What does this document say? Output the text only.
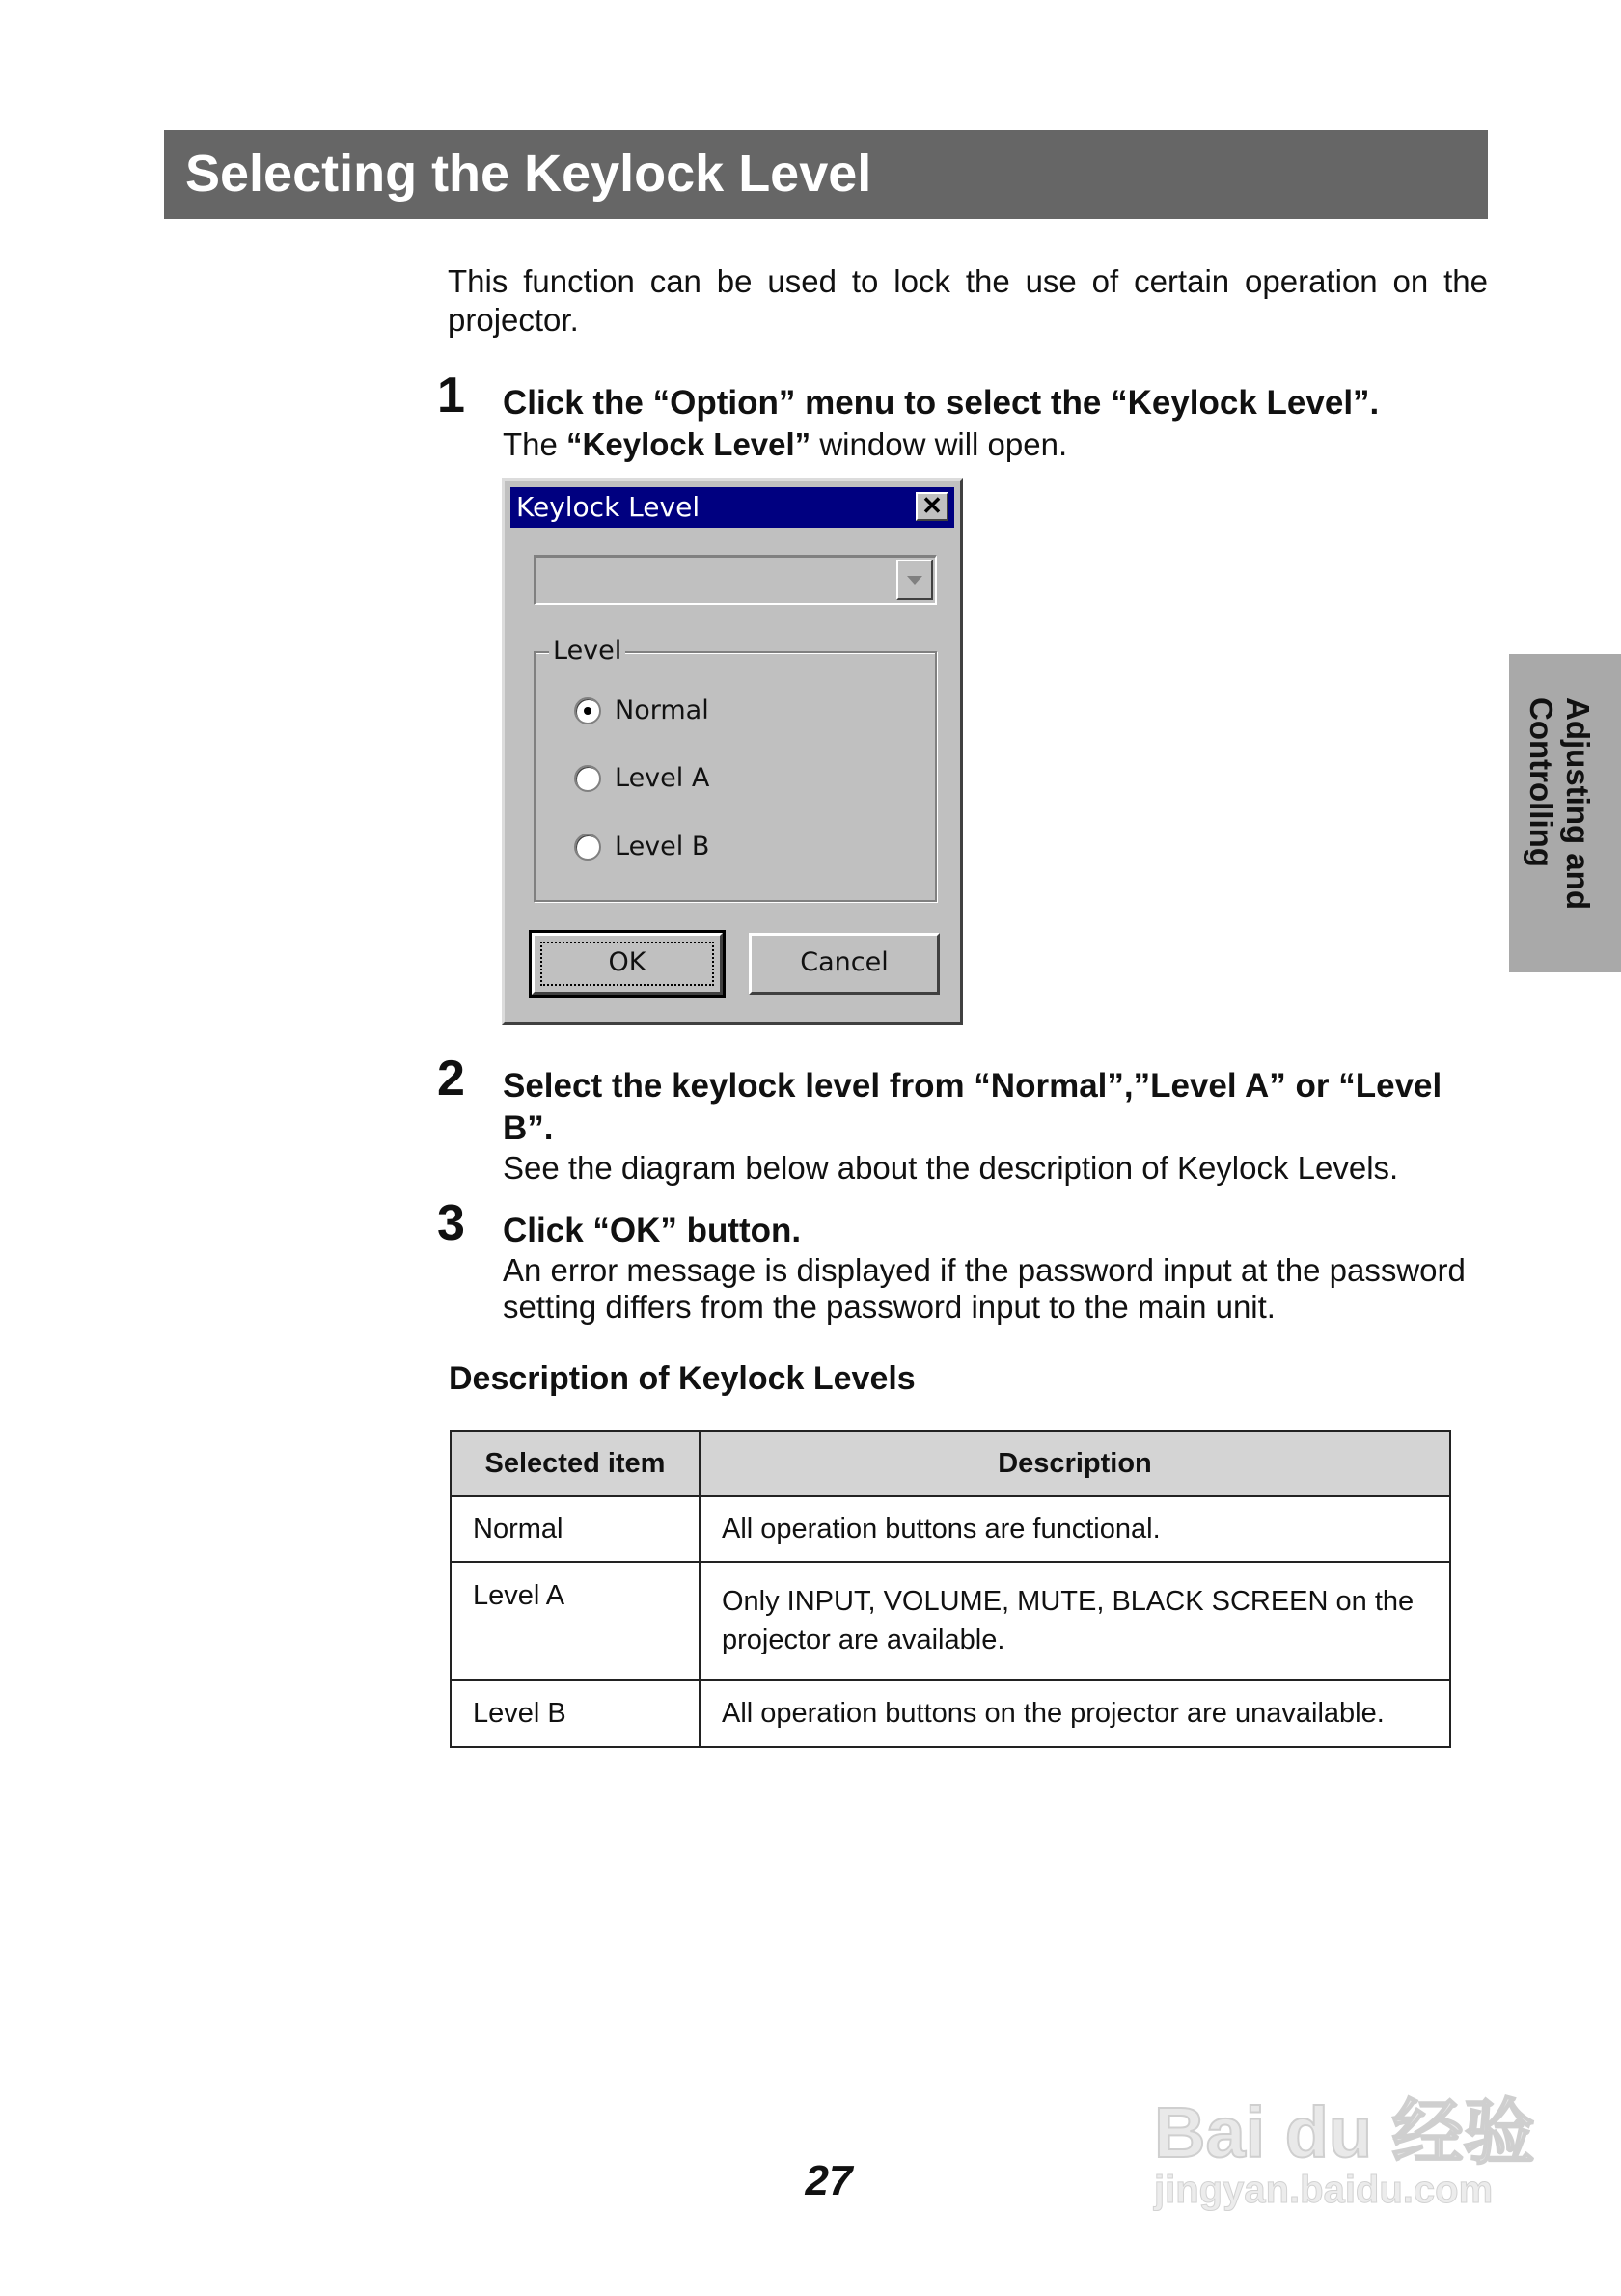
Selecting the Keylock Level
Adjusting and
Controlling
This function can be used to lock the use of certain operation on the projector.
1 Click the “Option” menu to select the “Keylock Level”.
The “Keylock Level” window will open.
Keylock Level	✕
Level
Normal
Level A
Level B
OK	Cancel
2 Select the keylock level from “Normal”,”Level A” or “Level B”.
See the diagram below about the description of Keylock Levels.
3 Click “OK” button.
An error message is displayed if the password input at the password setting differs from the password input to the main unit.
Description of Keylock Levels
Selected item	Description
Normal	All operation buttons are functional.
Level A	Only INPUT, VOLUME, MUTE, BLACK SCREEN on the projector are available.
Level B	All operation buttons on the projector are unavailable.
27
Bai du 经验
jingyan.baidu.com
